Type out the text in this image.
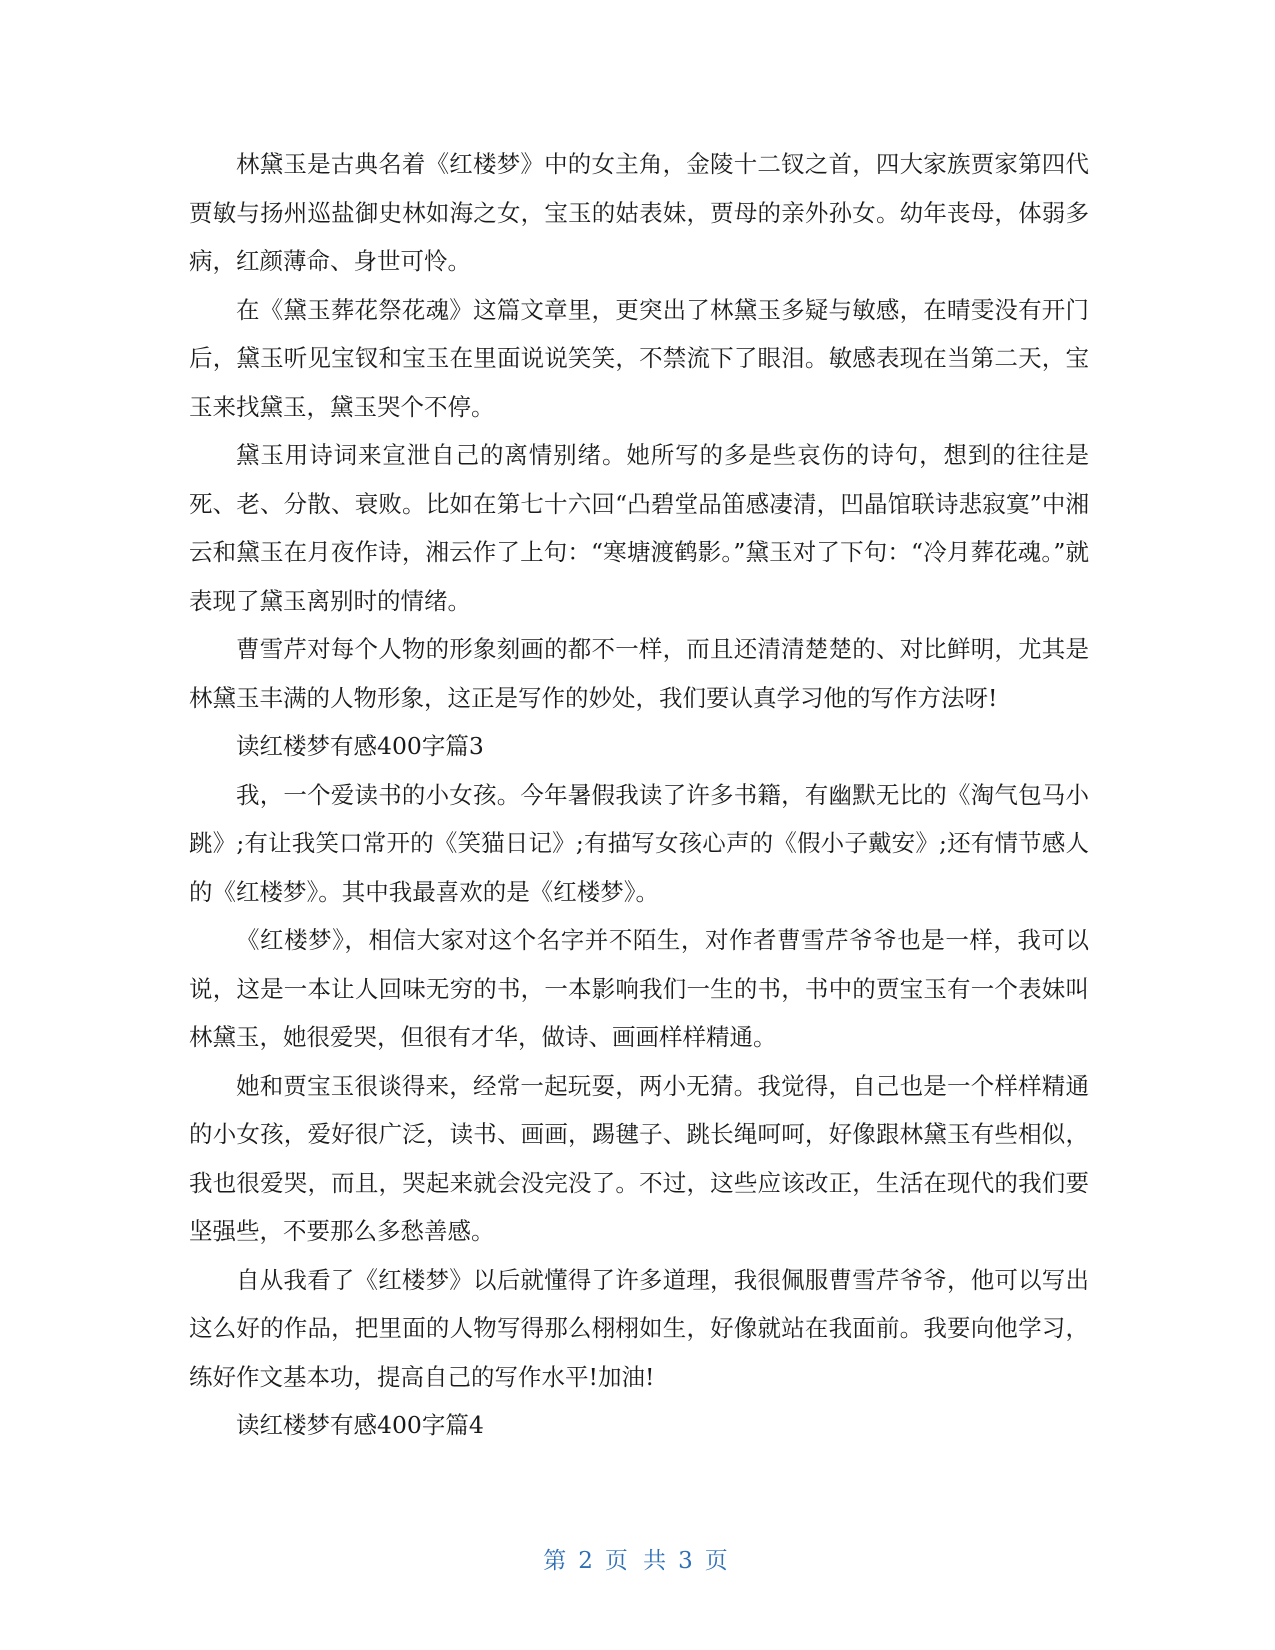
林黛玉是古典名着《红楼梦》中的女主角，金陵十二钗之首，四大家族贾家第四代贾敏与扬州巡盐御史林如海之女，宝玉的姑表妹，贾母的亲外孙女。幼年丧母，体弱多病，红颜薄命、身世可怜。

在《黛玉葬花祭花魂》这篇文章里，更突出了林黛玉多疑与敏感，在晴雯没有开门后，黛玉听见宝钗和宝玉在里面说说笑笑，不禁流下了眼泪。敏感表现在当第二天，宝玉来找黛玉，黛玉哭个不停。

黛玉用诗词来宣泄自己的离情别绪。她所写的多是些哀伤的诗句，想到的往往是死、老、分散、衰败。比如在第七十六回“凸碧堂品笛感凄清，凹晶馆联诗悲寂寞”中湘云和黛玉在月夜作诗，湘云作了上句：“寒塘渡鹤影。”黛玉对了下句：“冷月葬花魂。”就表现了黛玉离别时的情绪。

曹雪芹对每个人物的形象刻画的都不一样，而且还清清楚楚的、对比鲜明，尤其是林黛玉丰满的人物形象，这正是写作的妙处，我们要认真学习他的写作方法呀!

读红楼梦有感400字篇3

我，一个爱读书的小女孩。今年暑假我读了许多书籍，有幽默无比的《淘气包马小跳》;有让我笑口常开的《笑猫日记》;有描写女孩心声的《假小子戴安》;还有情节感人的《红楼梦》。其中我最喜欢的是《红楼梦》。

《红楼梦》，相信大家对这个名字并不陌生，对作者曹雪芹爷爷也是一样，我可以说，这是一本让人回味无穷的书，一本影响我们一生的书，书中的贾宝玉有一个表妹叫林黛玉，她很爱哭，但很有才华，做诗、画画样样精通。

她和贾宝玉很谈得来，经常一起玩耍，两小无猜。我觉得，自己也是一个样样精通的小女孩，爱好很广泛，读书、画画，踢毽子、跳长绳呵呵，好像跟林黛玉有些相似，我也很爱哭，而且，哭起来就会没完没了。不过，这些应该改正，生活在现代的我们要坚强些，不要那么多愁善感。

自从我看了《红楼梦》以后就懂得了许多道理，我很佩服曹雪芹爷爷，他可以写出这么好的作品，把里面的人物写得那么栩栩如生，好像就站在我面前。我要向他学习，练好作文基本功，提高自己的写作水平!加油!

读红楼梦有感400字篇4

第 2 页 共 3 页
